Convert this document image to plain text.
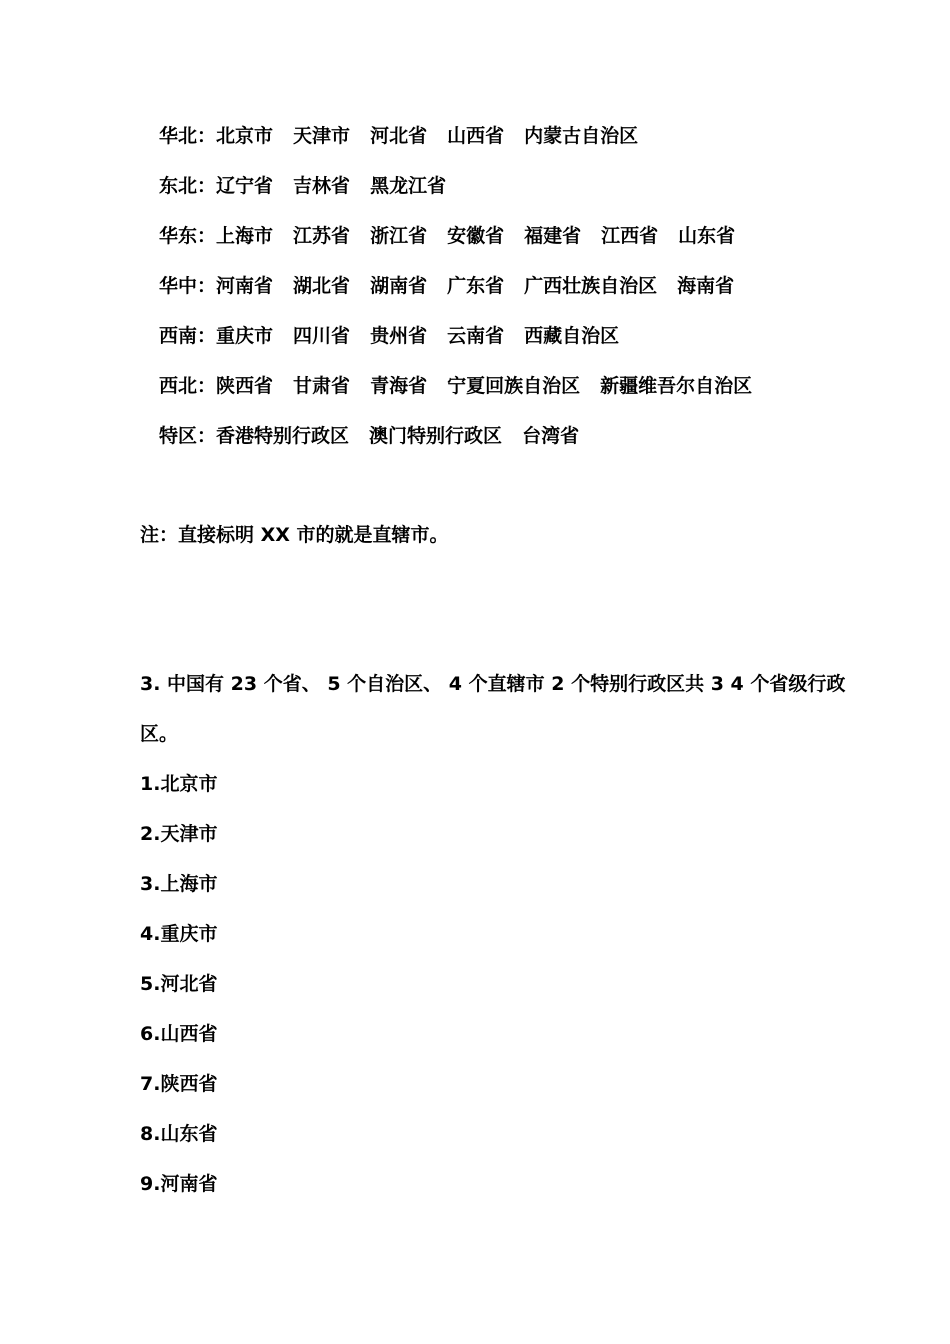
华北：北京市 天津市 河北省 山西省 内蒙古自治区
东北：辽宁省 吉林省 黑龙江省
华东：上海市 江苏省 浙江省 安徽省 福建省 江西省 山东省
华中：河南省 湖北省 湖南省 广东省 广西壮族自治区 海南省
西南：重庆市 四川省 贵州省 云南省 西藏自治区
西北：陕西省 甘肃省 青海省 宁夏回族自治区 新疆维吾尔自治区
特区：香港特别行政区 澳门特别行政区 台湾省
注：直接标明 XX 市的就是直辖市。
3. 中国有 23 个省、 5 个自治区、 4 个直辖市 2 个特别行政区共 3 4 个省级行政
区。
1.北京市
2.天津市
3.上海市
4.重庆市
5.河北省
6.山西省
7.陕西省
8.山东省
9.河南省
